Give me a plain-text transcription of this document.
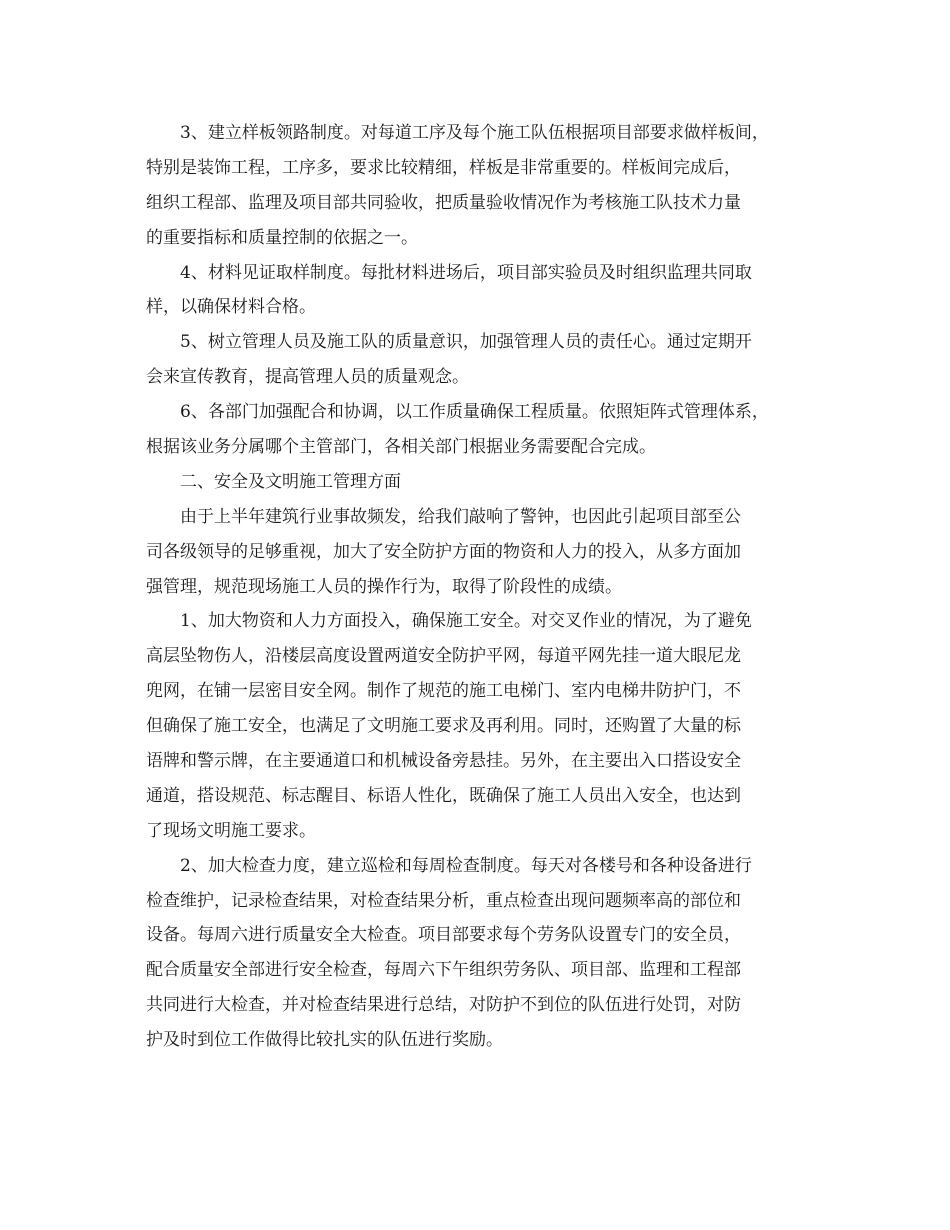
3、建立样板领路制度。对每道工序及每个施工队伍根据项目部要求做样板间，
特别是装饰工程，工序多，要求比较精细，样板是非常重要的。样板间完成后，
组织工程部、监理及项目部共同验收，把质量验收情况作为考核施工队技术力量
的重要指标和质量控制的依据之一。

4、材料见证取样制度。每批材料进场后，项目部实验员及时组织监理共同取
样，以确保材料合格。

5、树立管理人员及施工队的质量意识，加强管理人员的责任心。通过定期开
会来宣传教育，提高管理人员的质量观念。

6、各部门加强配合和协调，以工作质量确保工程质量。依照矩阵式管理体系，
根据该业务分属哪个主管部门，各相关部门根据业务需要配合完成。

二、安全及文明施工管理方面

由于上半年建筑行业事故频发，给我们敲响了警钟，也因此引起项目部至公
司各级领导的足够重视，加大了安全防护方面的物资和人力的投入，从多方面加
强管理，规范现场施工人员的操作行为，取得了阶段性的成绩。

1、加大物资和人力方面投入，确保施工安全。对交叉作业的情况，为了避免
高层坠物伤人，沿楼层高度设置两道安全防护平网，每道平网先挂一道大眼尼龙
兜网，在铺一层密目安全网。制作了规范的施工电梯门、室内电梯井防护门，不
但确保了施工安全，也满足了文明施工要求及再利用。同时，还购置了大量的标
语牌和警示牌，在主要通道口和机械设备旁悬挂。另外，在主要出入口搭设安全
通道，搭设规范、标志醒目、标语人性化，既确保了施工人员出入安全，也达到
了现场文明施工要求。

2、加大检查力度，建立巡检和每周检查制度。每天对各楼号和各种设备进行
检查维护，记录检查结果，对检查结果分析，重点检查出现问题频率高的部位和
设备。每周六进行质量安全大检查。项目部要求每个劳务队设置专门的安全员，
配合质量安全部进行安全检查，每周六下午组织劳务队、项目部、监理和工程部
共同进行大检查，并对检查结果进行总结，对防护不到位的队伍进行处罚，对防
护及时到位工作做得比较扎实的队伍进行奖励。
